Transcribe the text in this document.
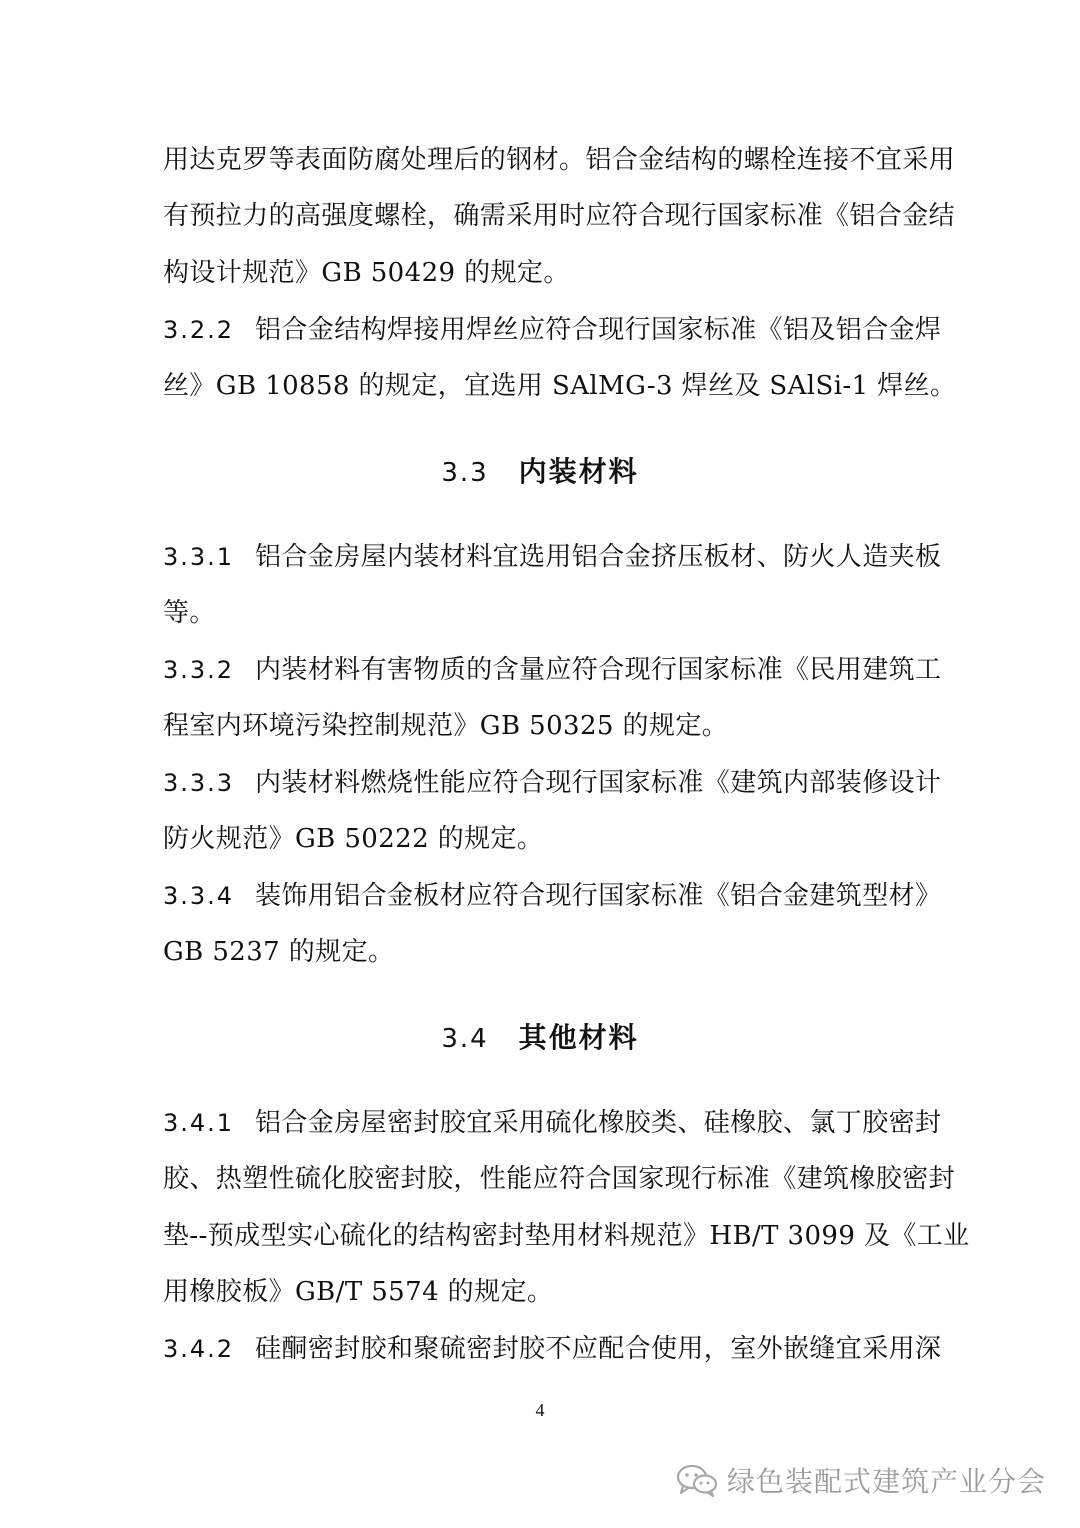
用达克罗等表面防腐处理后的钢材。铝合金结构的螺栓连接不宜采用
有预拉力的高强度螺栓，确需采用时应符合现行国家标准《铝合金结
构设计规范》GB 50429 的规定。
3.2.2 铝合金结构焊接用焊丝应符合现行国家标准《铝及铝合金焊
丝》GB 10858 的规定，宜选用 SAlMG-3 焊丝及 SAlSi-1 焊丝。
3.3 内装材料
3.3.1 铝合金房屋内装材料宜选用铝合金挤压板材、防火人造夹板
等。
3.3.2 内装材料有害物质的含量应符合现行国家标准《民用建筑工
程室内环境污染控制规范》GB 50325 的规定。
3.3.3 内装材料燃烧性能应符合现行国家标准《建筑内部装修设计
防火规范》GB 50222 的规定。
3.3.4 装饰用铝合金板材应符合现行国家标准《铝合金建筑型材》
GB 5237 的规定。
3.4 其他材料
3.4.1 铝合金房屋密封胶宜采用硫化橡胶类、硅橡胶、氯丁胶密封
胶、热塑性硫化胶密封胶，性能应符合国家现行标准《建筑橡胶密封
垫--预成型实心硫化的结构密封垫用材料规范》HB/T 3099 及《工业
用橡胶板》GB/T 5574 的规定。
3.4.2 硅酮密封胶和聚硫密封胶不应配合使用，室外嵌缝宜采用深
4
绿色装配式建筑产业分会
